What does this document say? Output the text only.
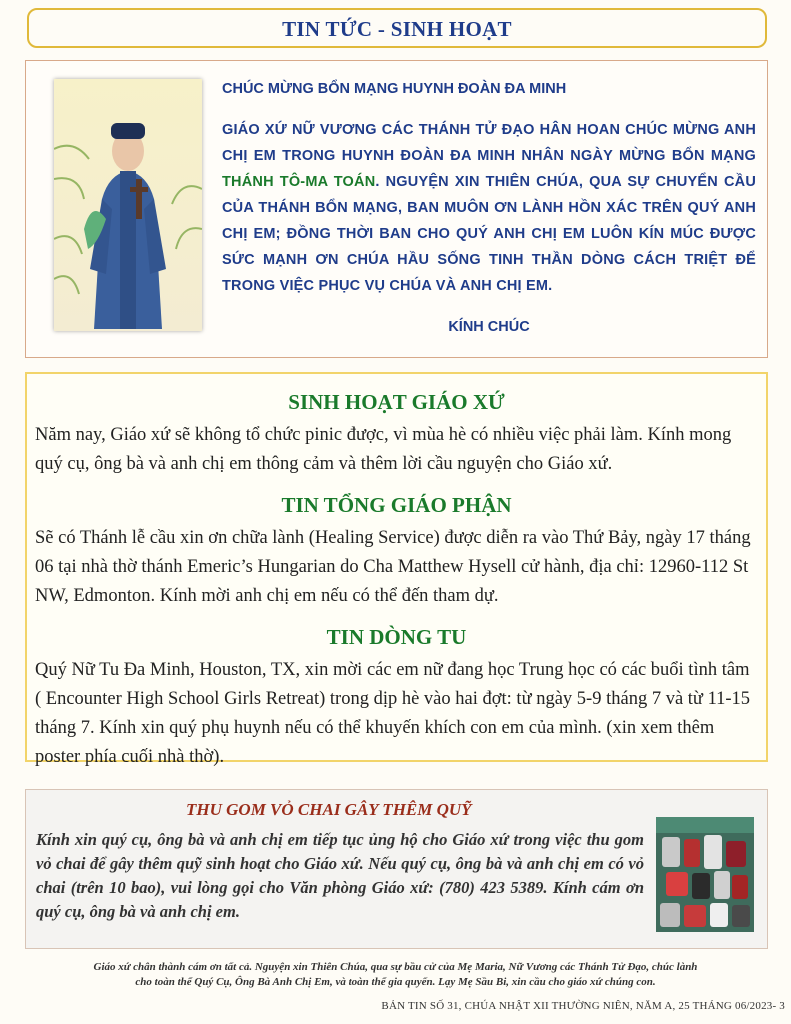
TIN TỨC - SINH HOẠT

CHÚC MỪNG BỔN MẠNG HUYNH ĐOÀN ĐA MINH

GIÁO XỨ NỮ VƯƠNG CÁC THÁNH TỬ ĐẠO HÂN HOAN CHÚC MỪNG ANH CHỊ EM TRONG HUYNH ĐOÀN ĐA MINH NHÂN NGÀY MỪNG BỔN MẠNG THÁNH TÔ-MA TOÁN. NGUYỆN XIN THIÊN CHÚA, QUA SỰ CHUYỂN CẦU CỦA THÁNH BỔN MẠNG, BAN MUÔN ƠN LÀNH HỒN XÁC TRÊN QUÝ ANH CHỊ EM; ĐỒNG THỜI BAN CHO QUÝ ANH CHỊ EM LUÔN KÍN MÚC ĐƯỢC SỨC MẠNH ƠN CHÚA HẦU SỐNG TINH THẦN DÒNG CÁCH TRIỆT ĐỂ TRONG VIỆC PHỤC VỤ CHÚA VÀ ANH CHỊ EM.

KÍNH CHÚC
SINH HOẠT GIÁO XỨ

Năm nay, Giáo xứ sẽ không tổ chức pinic được, vì mùa hè có nhiều việc phải làm. Kính mong quý cụ, ông bà và anh chị em thông cảm và thêm lời cầu nguyện cho Giáo xứ.

TIN TỔNG GIÁO PHẬN

Sẽ có Thánh lễ cầu xin ơn chữa lành (Healing Service) được diễn ra vào Thứ Bảy, ngày 17 tháng 06 tại nhà thờ thánh Emeric’s Hungarian do Cha Matthew Hysell cử hành, địa chỉ: 12960-112 St NW, Edmonton. Kính mời anh chị em nếu có thể đến tham dự.

TIN DÒNG TU

Quý Nữ Tu Đa Minh, Houston, TX, xin mời các em nữ đang học Trung học có các buổi tình tâm ( Encounter High School Girls Retreat) trong dịp hè vào hai đợt: từ ngày 5-9 tháng 7 và từ 11-15 tháng 7. Kính xin quý phụ huynh nếu có thể khuyến khích con em của mình. (xin xem thêm poster phía cuối nhà thờ).

THU GOM VỎ CHAI GÂY THÊM QUỸ

Kính xin quý cụ, ông bà và anh chị em tiếp tục ủng hộ cho Giáo xứ trong việc thu gom vỏ chai để gây thêm quỹ sinh hoạt cho Giáo xứ. Nếu quý cụ, ông bà và anh chị em có vỏ chai (trên 10 bao), vui lòng gọi cho Văn phòng Giáo xứ: (780) 423 5389. Kính cám ơn quý cụ, ông bà và anh chị em.

Giáo xứ chân thành cám ơn tất cả. Nguyện xin Thiên Chúa, qua sự bầu cử của Mẹ Maria, Nữ Vương các Thánh Tử Đạo, chúc lành
cho toàn thể Quý Cụ, Ông Bà Anh Chị Em, và toàn thể gia quyến. Lạy Mẹ Sầu Bi, xin cầu cho giáo xứ chúng con.
BẢN TIN SỐ 31, CHÚA NHẬT XII THƯỜNG NIÊN, NĂM A, 25 THÁNG 06/2023- 3
